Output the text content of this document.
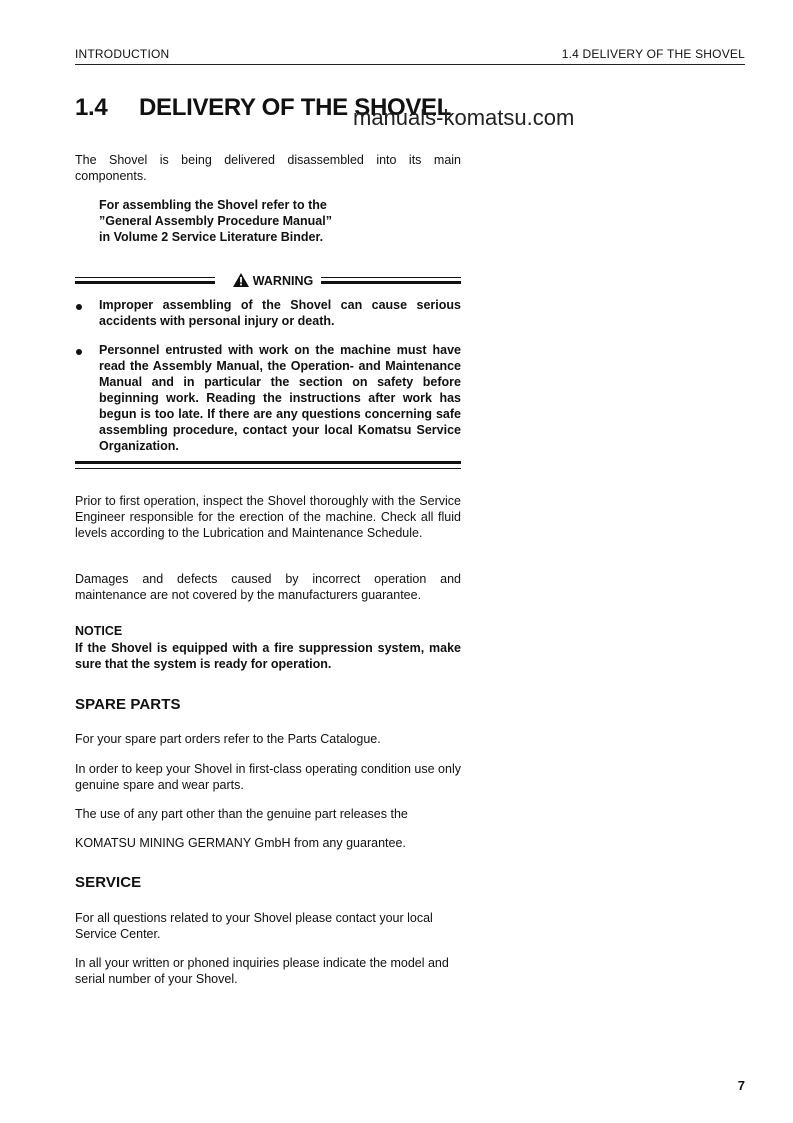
INTRODUCTION	1.4 DELIVERY OF THE SHOVEL
1.4 DELIVERY OF THE SHOVEL
manuals-komatsu.com
The Shovel is being delivered disassembled into its main components.
For assembling the Shovel refer to the
”General Assembly Procedure Manual”
in Volume 2 Service Literature Binder.
WARNING
Improper assembling of the Shovel can cause serious accidents with personal injury or death.
Personnel entrusted with work on the machine must have read the Assembly Manual, the Operation- and Maintenance Manual and in particular the section on safety before beginning work. Reading the instructions after work has begun is too late. If there are any questions concerning safe assembling procedure, contact your local Komatsu Service Organization.
Prior to first operation, inspect the Shovel thoroughly with the Service Engineer responsible for the erection of the machine. Check all fluid levels according to the Lubrication and Maintenance Schedule.
Damages and defects caused by incorrect operation and maintenance are not covered by the manufacturers guarantee.
NOTICE
If the Shovel is equipped with a fire suppression system, make sure that the system is ready for operation.
SPARE PARTS
For your spare part orders refer to the Parts Catalogue.
In order to keep your Shovel in first-class operating condition use only genuine spare and wear parts.
The use of any part other than the genuine part releases the
KOMATSU MINING GERMANY GmbH from any guarantee.
SERVICE
For all questions related to your Shovel please contact your local Service Center.
In all your written or phoned inquiries please indicate the model and serial number of your Shovel.
7
